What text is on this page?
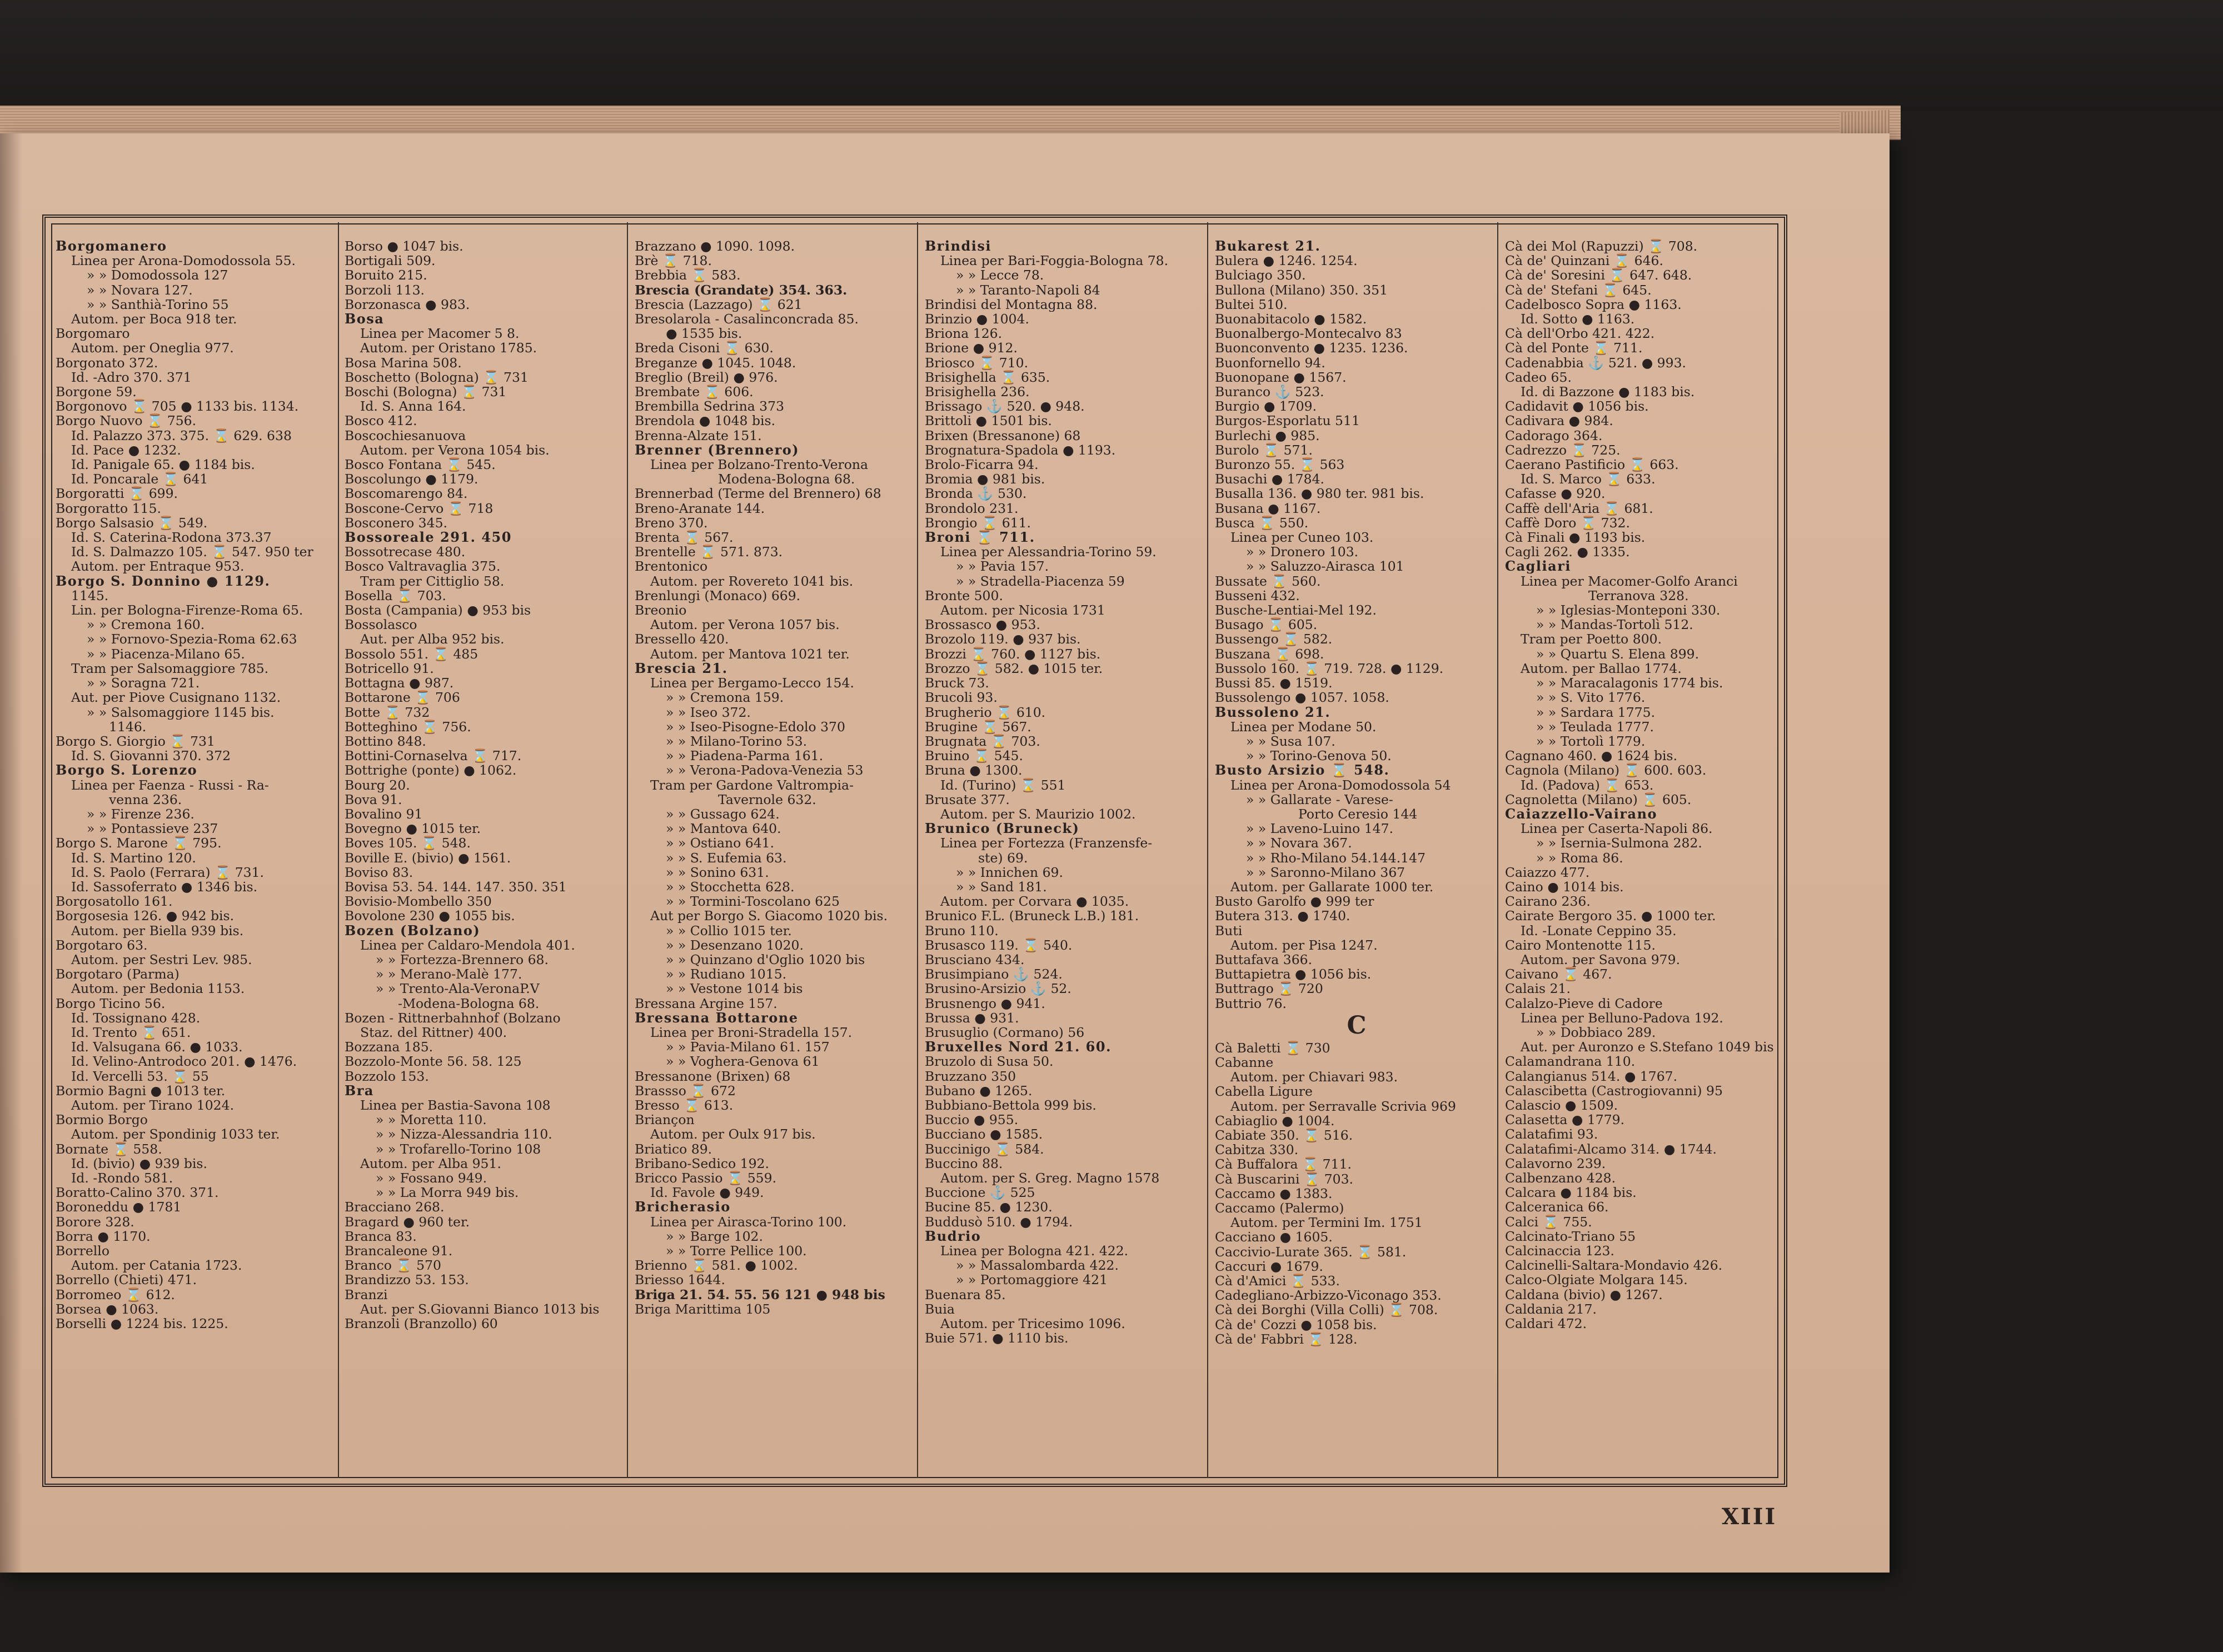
Borgomanero
Linea per Arona-Domodossola 55.
» » Domodossola 127
» » Novara 127.
» » Santhià-Torino 55
Autom. per Boca 918 ter.
Borgomaro
Autom. per Oneglia 977.
Borgonato 372.
Id. -Adro 370. 371
Borgone 59.
Borgonovo ⌛ 705 ● 1133 bis. 1134.
Borgo Nuovo ⌛ 756.
Id. Palazzo 373. 375. ⌛ 629. 638
Id. Pace ● 1232.
Id. Panigale 65. ● 1184 bis.
Id. Poncarale ⌛ 641
Borgoratti ⌛ 699.
Borgoratto 115.
Borgo Salsasio ⌛ 549.
Id. S. Caterina-Rodona 373.37
Id. S. Dalmazzo 105. ⌛ 547. 950 ter
Autom. per Entraque 953.
Borgo S. Donnino ● 1129.
1145.
Lin. per Bologna-Firenze-Roma 65.
» » Cremona 160.
» » Fornovo-Spezia-Roma 62.63
» » Piacenza-Milano 65.
Tram per Salsomaggiore 785.
» » Soragna 721.
Aut. per Piove Cusignano 1132.
» » Salsomaggiore 1145 bis.
1146.
Borgo S. Giorgio ⌛ 731
Id. S. Giovanni 370. 372
Borgo S. Lorenzo
Linea per Faenza - Russi - Ra-
venna 236.
» » Firenze 236.
» » Pontassieve 237
Borgo S. Marone ⌛ 795.
Id. S. Martino 120.
Id. S. Paolo (Ferrara) ⌛ 731.
Id. Sassoferrato ● 1346 bis.
Borgosatollo 161.
Borgosesia 126. ● 942 bis.
Autom. per Biella 939 bis.
Borgotaro 63.
Autom. per Sestri Lev. 985.
Borgotaro (Parma)
Autom. per Bedonia 1153.
Borgo Ticino 56.
Id. Tossignano 428.
Id. Trento ⌛ 651.
Id. Valsugana 66. ● 1033.
Id. Velino-Antrodoco 201. ● 1476.
Id. Vercelli 53. ⌛ 55
Bormio Bagni ● 1013 ter.
Autom. per Tirano 1024.
Bormio Borgo
Autom. per Spondinig 1033 ter.
Bornate ⌛ 558.
Id. (bivio) ● 939 bis.
Id. -Rondo 581.
Boratto-Calino 370. 371.
Boroneddu ● 1781
Borore 328.
Borra ● 1170.
Borrello
Autom. per Catania 1723.
Borrello (Chieti) 471.
Borromeo ⌛ 612.
Borsea ● 1063.
Borselli ● 1224 bis. 1225.
Borso ● 1047 bis.
Bortigali 509.
Boruito 215.
Borzoli 113.
Borzonasca ● 983.
Bosa
Linea per Macomer 5 8.
Autom. per Oristano 1785.
Bosa Marina 508.
Boschetto (Bologna) ⌛ 731
Boschi (Bologna) ⌛ 731
Id. S. Anna 164.
Bosco 412.
Boscochiesanuova
Autom. per Verona 1054 bis.
Bosco Fontana ⌛ 545.
Boscolungo ● 1179.
Boscomarengo 84.
Boscone-Cervo ⌛ 718
Bosconero 345.
Bossoreale 291. 450
Bossotrecase 480.
Bosco Valtravaglia 375.
Tram per Cittiglio 58.
Bosella ⌛ 703.
Bosta (Campania) ● 953 bis
Bossolasco
Aut. per Alba 952 bis.
Bossolo 551. ⌛ 485
Botricello 91.
Bottagna ● 987.
Bottarone ⌛ 706
Botte ⌛ 732
Botteghino ⌛ 756.
Bottino 848.
Bottini-Cornaselva ⌛ 717.
Bottrighe (ponte) ● 1062.
Bourg 20.
Bova 91.
Bovalino 91
Bovegno ● 1015 ter.
Boves 105. ⌛ 548.
Boville E. (bivio) ● 1561.
Boviso 83.
Bovisa 53. 54. 144. 147. 350. 351
Bovisio-Mombello 350
Bovolone 230 ● 1055 bis.
Bozen (Bolzano)
Linea per Caldaro-Mendola 401.
» » Fortezza-Brennero 68.
» » Merano-Malè 177.
» » Trento-Ala-VeronaP.V
-Modena-Bologna 68.
Bozen - Rittnerbahnhof (Bolzano
Staz. del Rittner) 400.
Bozzana 185.
Bozzolo-Monte 56. 58. 125
Bozzolo 153.
Bra
Linea per Bastia-Savona 108
» » Moretta 110.
» » Nizza-Alessandria 110.
» » Trofarello-Torino 108
Autom. per Alba 951.
» » Fossano 949.
» » La Morra 949 bis.
Bracciano 268.
Bragard ● 960 ter.
Branca 83.
Brancaleone 91.
Branco ⌛ 570
Brandizzo 53. 153.
Branzi
Aut. per S.Giovanni Bianco 1013 bis
Branzoli (Branzollo) 60
Brazzano ● 1090. 1098.
Brè ⌛ 718.
Brebbia ⌛ 583.
Brescia (Grandate) 354. 363.
Brescia (Lazzago) ⌛ 621
Bresolarola - Casalinconcrada 85.
● 1535 bis.
Breda Cisoni ⌛ 630.
Breganze ● 1045. 1048.
Breglio (Breil) ● 976.
Brembate ⌛ 606.
Brembilla Sedrina 373
Brendola ● 1048 bis.
Brenna-Alzate 151.
Brenner (Brennero)
Linea per Bolzano-Trento-Verona
Modena-Bologna 68.
Brennerbad (Terme del Brennero) 68
Breno-Aranate 144.
Breno 370.
Brenta ⌛ 567.
Brentelle ⌛ 571. 873.
Brentonico
Autom. per Rovereto 1041 bis.
Brenlungi (Monaco) 669.
Breonio
Autom. per Verona 1057 bis.
Bressello 420.
Autom. per Mantova 1021 ter.
Brescia 21.
Linea per Bergamo-Lecco 154.
» » Cremona 159.
» » Iseo 372.
» » Iseo-Pisogne-Edolo 370
» » Milano-Torino 53.
» » Piadena-Parma 161.
» » Verona-Padova-Venezia 53
Tram per Gardone Valtrompia-
Tavernole 632.
» » Gussago 624.
» » Mantova 640.
» » Ostiano 641.
» » S. Eufemia 63.
» » Sonino 631.
» » Stocchetta 628.
» » Tormini-Toscolano 625
Aut per Borgo S. Giacomo 1020 bis.
» » Collio 1015 ter.
» » Desenzano 1020.
» » Quinzano d'Oglio 1020 bis
» » Rudiano 1015.
» » Vestone 1014 bis
Bressana Argine 157.
Bressana Bottarone
Linea per Broni-Stradella 157.
» » Pavia-Milano 61. 157
» » Voghera-Genova 61
Bressanone (Brixen) 68
Brassso ⌛ 672
Bresso ⌛ 613.
Briançon
Autom. per Oulx 917 bis.
Briatico 89.
Bribano-Sedico 192.
Bricco Passio ⌛ 559.
Id. Favole ● 949.
Bricherasio
Linea per Airasca-Torino 100.
» » Barge 102.
» » Torre Pellice 100.
Brienno ⌛ 581. ● 1002.
Briesso 1644.
Briga 21. 54. 55. 56 121 ● 948 bis
Briga Marittima 105
Brindisi
Linea per Bari-Foggia-Bologna 78.
» » Lecce 78.
» » Taranto-Napoli 84
Brindisi del Montagna 88.
Brinzio ● 1004.
Briona 126.
Brione ● 912.
Briosco ⌛ 710.
Brisighella ⌛ 635.
Brisighella 236.
Brissago ⚓ 520. ● 948.
Brittoli ● 1501 bis.
Brixen (Bressanone) 68
Brognatura-Spadola ● 1193.
Brolo-Ficarra 94.
Bromia ● 981 bis.
Bronda ⚓ 530.
Brondolo 231.
Brongio ⌛ 611.
Broni ⌛ 711.
Linea per Alessandria-Torino 59.
» » Pavia 157.
» » Stradella-Piacenza 59
Bronte 500.
Autom. per Nicosia 1731
Brossasco ● 953.
Brozolo 119. ● 937 bis.
Brozzi ⌛ 760. ● 1127 bis.
Brozzo ⌛ 582. ● 1015 ter.
Bruck 73.
Brucoli 93.
Brugherio ⌛ 610.
Brugine ⌛ 567.
Brugnata ⌛ 703.
Bruino ⌛ 545.
Bruna ● 1300.
Id. (Turino) ⌛ 551
Brusate 377.
Autom. per S. Maurizio 1002.
Brunico (Bruneck)
Linea per Fortezza (Franzensfe-
ste) 69.
» » Innichen 69.
» » Sand 181.
Autom. per Corvara ● 1035.
Brunico F.L. (Bruneck L.B.) 181.
Bruno 110.
Brusasco 119. ⌛ 540.
Brusciano 434.
Brusimpiano ⚓ 524.
Brusino-Arsizio ⚓ 52.
Brusnengo ● 941.
Brussa ● 931.
Brusuglio (Cormano) 56
Bruxelles Nord 21. 60.
Bruzolo di Susa 50.
Bruzzano 350
Bubano ● 1265.
Bubbiano-Bettola 999 bis.
Buccio ● 955.
Bucciano ● 1585.
Buccinigo ⌛ 584.
Buccino 88.
Autom. per S. Greg. Magno 1578
Buccione ⚓ 525
Bucine 85. ● 1230.
Buddusò 510. ● 1794.
Budrio
Linea per Bologna 421. 422.
» » Massalombarda 422.
» » Portomaggiore 421
Buenara 85.
Buia
Autom. per Tricesimo 1096.
Buie 571. ● 1110 bis.
Bukarest 21.
Bulera ● 1246. 1254.
Bulciago 350.
Bullona (Milano) 350. 351
Bultei 510.
Buonabitacolo ● 1582.
Buonalbergo-Montecalvo 83
Buonconvento ● 1235. 1236.
Buonfornello 94.
Buonopane ● 1567.
Buranco ⚓ 523.
Burgio ● 1709.
Burgos-Esporlatu 511
Burlechi ● 985.
Burolo ⌛ 571.
Buronzo 55. ⌛ 563
Busachi ● 1784.
Busalla 136. ● 980 ter. 981 bis.
Busana ● 1167.
Busca ⌛ 550.
Linea per Cuneo 103.
» » Dronero 103.
» » Saluzzo-Airasca 101
Bussate ⌛ 560.
Busseni 432.
Busche-Lentiai-Mel 192.
Busago ⌛ 605.
Bussengo ⌛ 582.
Buszana ⌛ 698.
Bussolo 160. ⌛ 719. 728. ● 1129.
Bussi 85. ● 1519.
Bussolengo ● 1057. 1058.
Bussoleno 21.
Linea per Modane 50.
» » Susa 107.
» » Torino-Genova 50.
Busto Arsizio ⌛ 548.
Linea per Arona-Domodossola 54
» » Gallarate - Varese-
Porto Ceresio 144
» » Laveno-Luino 147.
» » Novara 367.
» » Rho-Milano 54.144.147
» » Saronno-Milano 367
Autom. per Gallarate 1000 ter.
Busto Garolfo ● 999 ter
Butera 313. ● 1740.
Buti
Autom. per Pisa 1247.
Buttafava 366.
Buttapietra ● 1056 bis.
Buttrago ⌛ 720
Buttrio 76.
C
Cà Baletti ⌛ 730
Cabanne
Autom. per Chiavari 983.
Cabella Ligure
Autom. per Serravalle Scrivia 969
Cabiaglio ● 1004.
Cabiate 350. ⌛ 516.
Cabitza 330.
Cà Buffalora ⌛ 711.
Cà Buscarini ⌛ 703.
Caccamo ● 1383.
Caccamo (Palermo)
Autom. per Termini Im. 1751
Cacciano ● 1605.
Caccivio-Lurate 365. ⌛ 581.
Caccuri ● 1679.
Cà d'Amici ⌛ 533.
Cadegliano-Arbizzo-Viconago 353.
Cà dei Borghi (Villa Colli) ⌛ 708.
Cà de' Cozzi ● 1058 bis.
Cà de' Fabbri ⌛ 128.
Cà dei Mol (Rapuzzi) ⌛ 708.
Cà de' Quinzani ⌛ 646.
Cà de' Soresini ⌛ 647. 648.
Cà de' Stefani ⌛ 645.
Cadelbosco Sopra ● 1163.
Id. Sotto ● 1163.
Cà dell'Orbo 421. 422.
Cà del Ponte ⌛ 711.
Cadenabbia ⚓ 521. ● 993.
Cadeo 65.
Id. di Bazzone ● 1183 bis.
Cadidavit ● 1056 bis.
Cadivara ● 984.
Cadorago 364.
Cadrezzo ⌛ 725.
Caerano Pastificio ⌛ 663.
Id. S. Marco ⌛ 633.
Cafasse ● 920.
Caffè dell'Aria ⌛ 681.
Caffè Doro ⌛ 732.
Cà Finali ● 1193 bis.
Cagli 262. ● 1335.
Cagliari
Linea per Macomer-Golfo Aranci
Terranova 328.
» » Iglesias-Monteponi 330.
» » Mandas-Tortolì 512.
Tram per Poetto 800.
» » Quartu S. Elena 899.
Autom. per Ballao 1774.
» » Maracalagonis 1774 bis.
» » S. Vito 1776.
» » Sardara 1775.
» » Teulada 1777.
» » Tortolì 1779.
Cagnano 460. ● 1624 bis.
Cagnola (Milano) ⌛ 600. 603.
Id. (Padova) ⌛ 653.
Cagnoletta (Milano) ⌛ 605.
Caiazzello-Vairano
Linea per Caserta-Napoli 86.
» » Isernia-Sulmona 282.
» » Roma 86.
Caiazzo 477.
Caino ● 1014 bis.
Cairano 236.
Cairate Bergoro 35. ● 1000 ter.
Id. -Lonate Ceppino 35.
Cairo Montenotte 115.
Autom. per Savona 979.
Caivano ⌛ 467.
Calais 21.
Calalzo-Pieve di Cadore
Linea per Belluno-Padova 192.
» » Dobbiaco 289.
Aut. per Auronzo e S.Stefano 1049 bis
Calamandrana 110.
Calangianus 514. ● 1767.
Calascibetta (Castrogiovanni) 95
Calascio ● 1509.
Calasetta ● 1779.
Calatafimi 93.
Calatafimi-Alcamo 314. ● 1744.
Calavorno 239.
Calbenzano 428.
Calcara ● 1184 bis.
Calceranica 66.
Calci ⌛ 755.
Calcinato-Triano 55
Calcinaccia 123.
Calcinelli-Saltara-Mondavio 426.
Calco-Olgiate Molgara 145.
Caldana (bivio) ● 1267.
Caldania 217.
Caldari 472.
XIII
